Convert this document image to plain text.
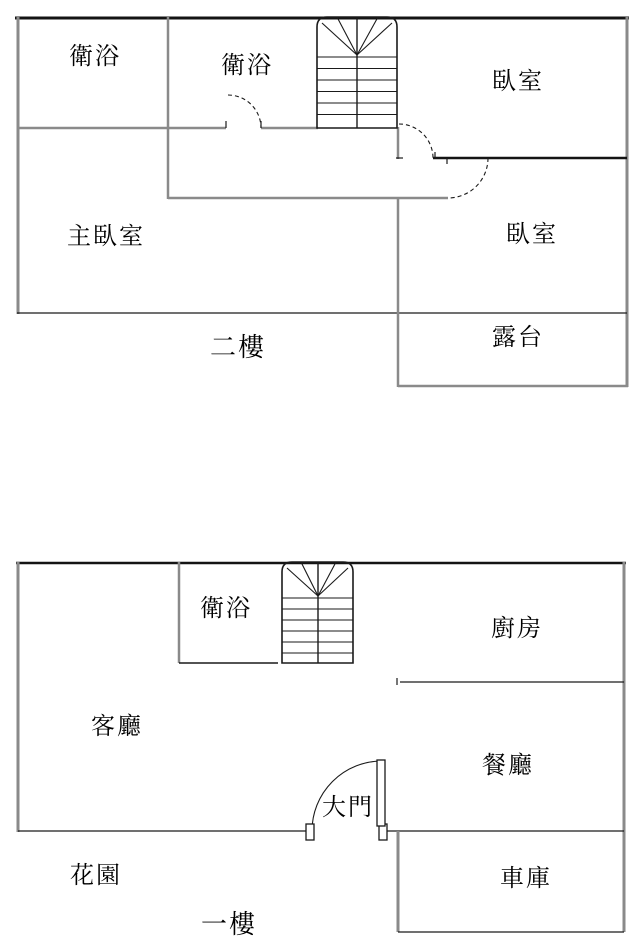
衛浴	衛浴
臥室
主臥室	臥室
露台
二樓
衛浴
廚房
客廳
餐廳
大門
花園	車庫
一樓
